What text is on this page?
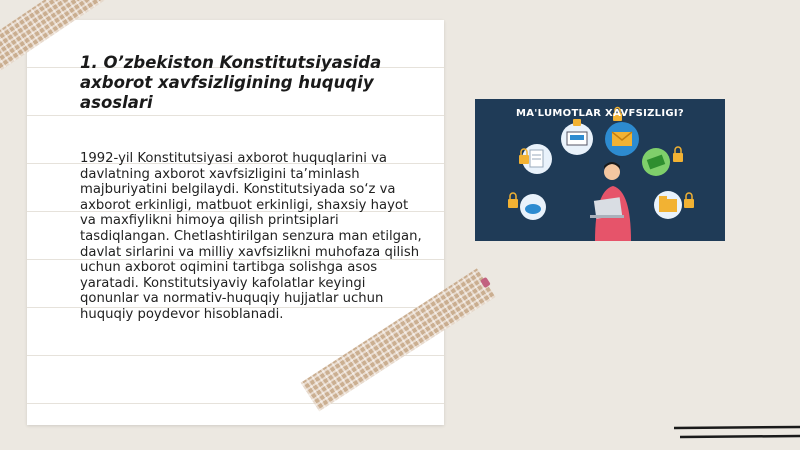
1. O’zbekiston Konstitutsiyasida
axborot xavfsizligining huquqiy
asoslari
1992-yil Konstitutsiyasi axborot huquqlarini va davlatning axborot xavfsizligini ta’minlash majburiyatini belgilaydi. Konstitutsiyada so‘z va axborot erkinligi, matbuot erkinligi, shaxsiy hayot va maxfiylikni himoya qilish printsiplari tasdiqlangan. Chetlashtirilgan senzura man etilgan, davlat sirlarini va milliy xavfsizlikni muhofaza qilish uchun axborot oqimini tartibga solishga asos yaratadi. Konstitutsiyaviy kafolatlar keyingi qonunlar va normativ-huquqiy hujjatlar uchun huquqiy poydevor hisoblanadi.
MA'LUMOTLAR XAVFSIZLIGI?
